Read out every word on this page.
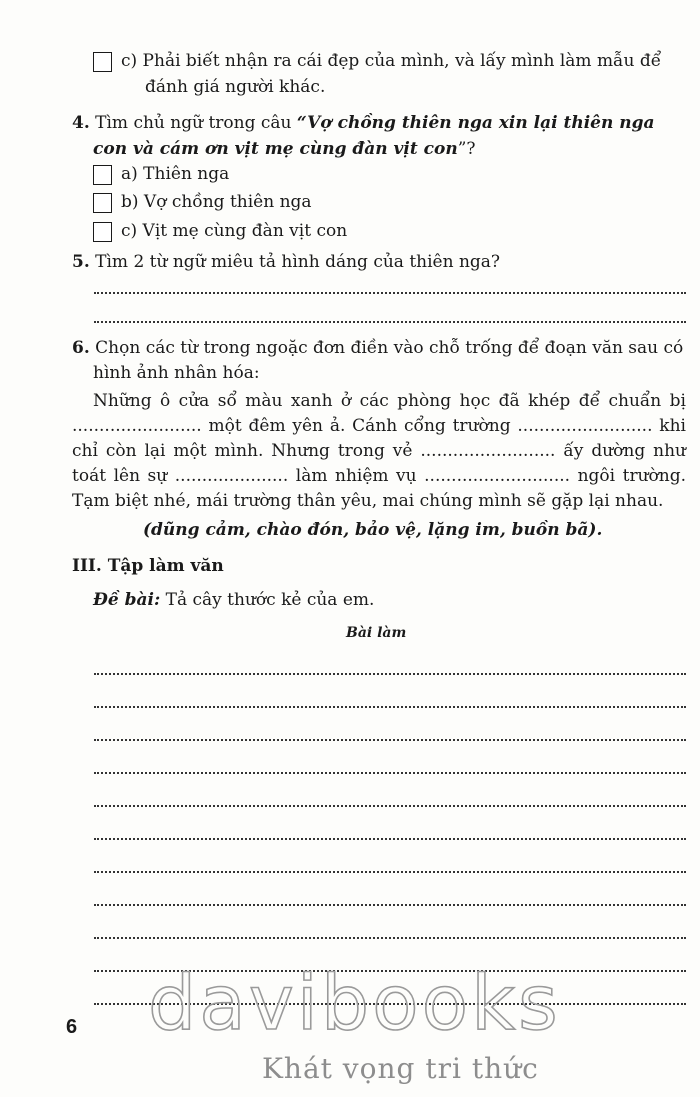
c) Phải biết nhận ra cái đẹp của mình, và lấy mình làm mẫu để
đánh giá người khác.
4. Tìm chủ ngữ trong câu “Vợ chồng thiên nga xin lại thiên nga
con và cám ơn vịt mẹ cùng đàn vịt con”?
a) Thiên nga
b) Vợ chồng thiên nga
c) Vịt mẹ cùng đàn vịt con
5. Tìm 2 từ ngữ miêu tả hình dáng của thiên nga?
6. Chọn các từ trong ngoặc đơn điền vào chỗ trống để đoạn văn sau có
hình ảnh nhân hóa:
Những ô cửa sổ màu xanh ở các phòng học đã khép để chuẩn bị
........................ một đêm yên ả. Cánh cổng trường ......................... khi
chỉ còn lại một mình. Nhưng trong vẻ ......................... ấy dường như
toát lên sự ..................... làm nhiệm vụ ........................... ngôi trường.
Tạm biệt nhé, mái trường thân yêu, mai chúng mình sẽ gặp lại nhau.
(dũng cảm, chào đón, bảo vệ, lặng im, buồn bã).
III. Tập làm văn
Đề bài: Tả cây thước kẻ của em.
Bài làm
davibooks
Khát vọng tri thức
6
